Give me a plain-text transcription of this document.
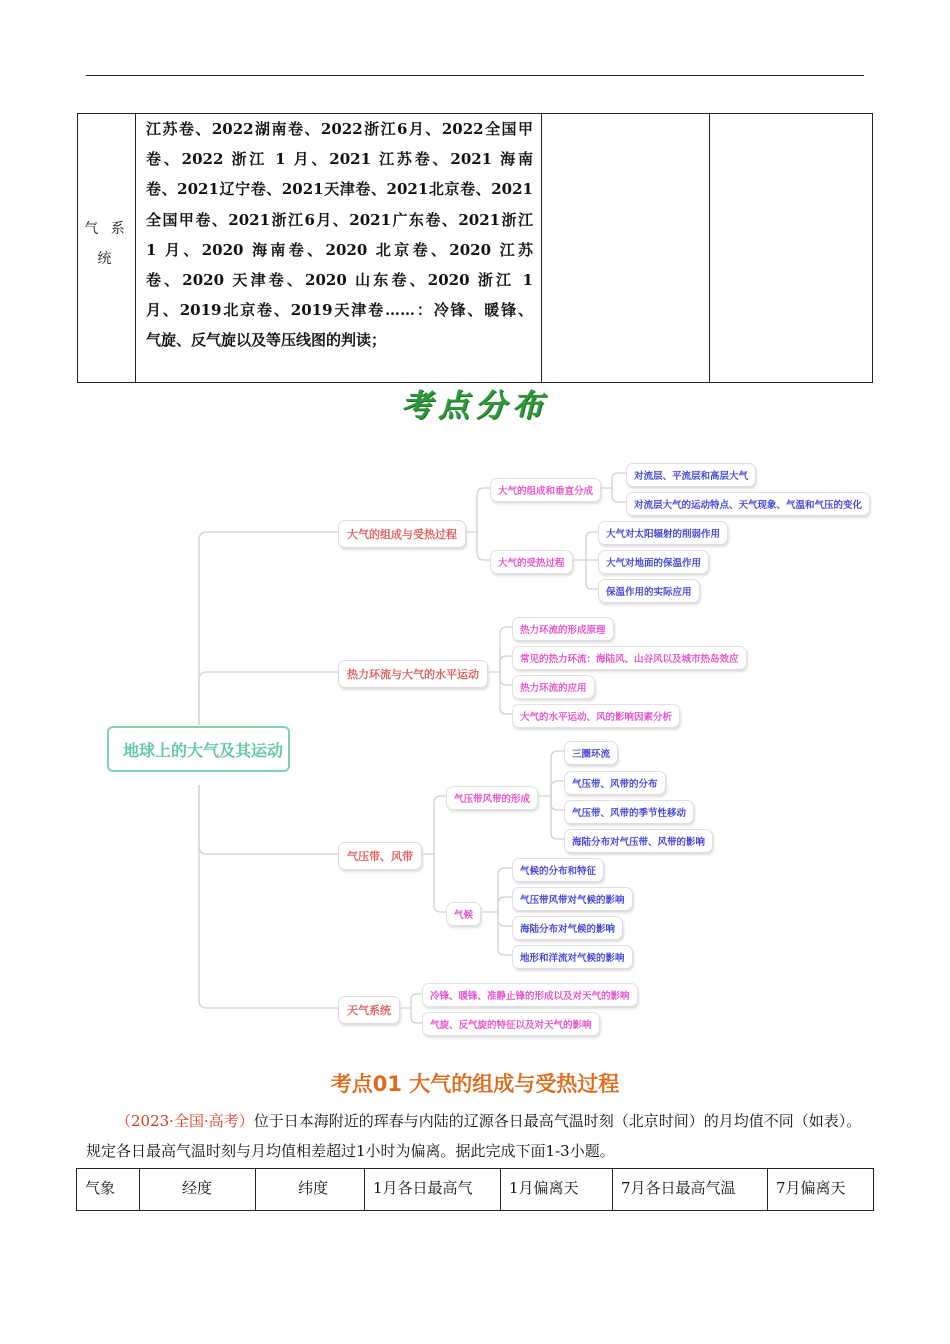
气 系
统
江苏卷、2022湖南卷、2022浙江6月、2022全国甲
卷、2022 浙江 1 月、2021 江苏卷、2021 海南
卷、2021辽宁卷、2021天津卷、2021北京卷、2021
全国甲卷、2021浙江6月、2021广东卷、2021浙江
1 月、2020 海南卷、2020 北京卷、2020 江苏
卷、2020 天津卷、2020 山东卷、2020 浙江 1
月、2019北京卷、2019天津卷……：冷锋、暖锋、
气旋、反气旋以及等压线图的判读；
考点分布
地球上的大气及其运动
大气的组成与受热过程
大气的组成和垂直分成
对流层、平流层和高层大气
对流层大气的运动特点、天气现象、气温和气压的变化
大气的受热过程
大气对太阳辐射的削弱作用
大气对地面的保温作用
保温作用的实际应用
热力环流与大气的水平运动
热力环流的形成原理
常见的热力环流：海陆风、山谷风以及城市热岛效应
热力环流的应用
大气的水平运动、风的影响因素分析
气压带、风带
气压带风带的形成
三圈环流
气压带、风带的分布
气压带、风带的季节性移动
海陆分布对气压带、风带的影响
气候
气候的分布和特征
气压带风带对气候的影响
海陆分布对气候的影响
地形和洋流对气候的影响
天气系统
冷锋、暖锋、准静止锋的形成以及对天气的影响
气旋、反气旋的特征以及对天气的影响
考点01 大气的组成与受热过程
（2023·全国·高考）位于日本海附近的珲春与内陆的辽源各日最高气温时刻（北京时间）的月均值不同（如表）。规定各日最高气温时刻与月均值相差超过1小时为偏离。据此完成下面1-3小题。
气象	经度	纬度	1月各日最高气	1月偏离天	7月各日最高气温	7月偏离天
